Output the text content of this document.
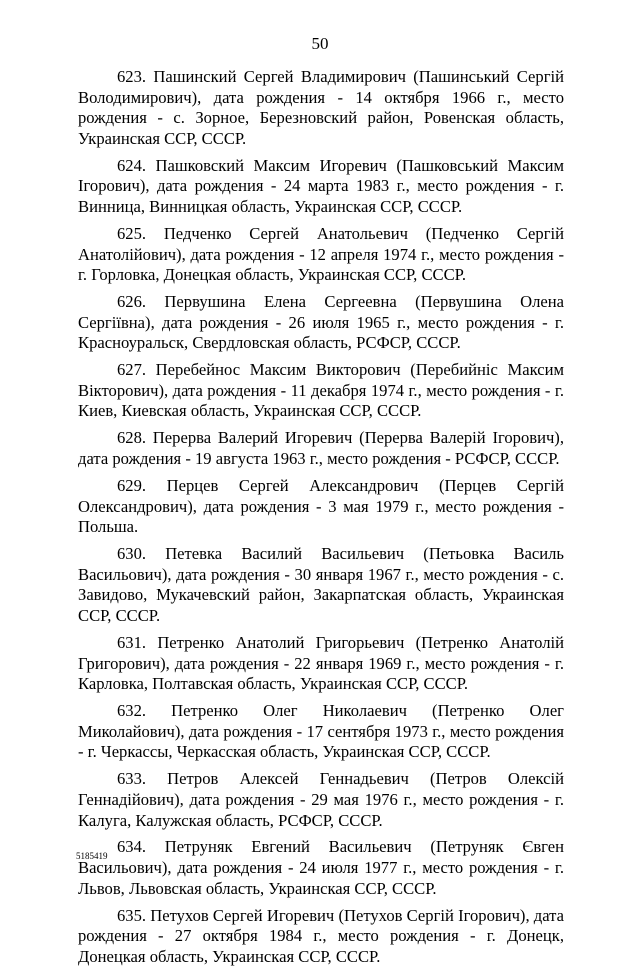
50

623. Пашинский Сергей Владимирович (Пашинський Сергій Володимирович), дата рождения - 14 октября 1966 г., место рождения - с. Зорное, Березновский район, Ровенская область, Украинская ССР, СССР.

624. Пашковский Максим Игоревич (Пашковський Максим Ігорович), дата рождения - 24 марта 1983 г., место рождения - г. Винница, Винницкая область, Украинская ССР, СССР.

625. Педченко Сергей Анатольевич (Педченко Сергій Анатолійович), дата рождения - 12 апреля 1974 г., место рождения - г. Горловка, Донецкая область, Украинская ССР, СССР.

626. Первушина Елена Сергеевна (Первушина Олена Сергіївна), дата рождения - 26 июля 1965 г., место рождения - г. Красноуральск, Свердловская область, РСФСР, СССР.

627. Перебейнос Максим Викторович (Перебийніс Максим Вікторович), дата рождения - 11 декабря 1974 г., место рождения - г. Киев, Киевская область, Украинская ССР, СССР.

628. Перерва Валерий Игоревич (Перерва Валерій Ігорович), дата рождения - 19 августа 1963 г., место рождения - РСФСР, СССР.

629. Перцев Сергей Александрович (Перцев Сергій Олександрович), дата рождения - 3 мая 1979 г., место рождения - Польша.

630. Петевка Василий Васильевич (Петьовка Василь Васильович), дата рождения - 30 января 1967 г., место рождения - с. Завидово, Мукачевский район, Закарпатская область, Украинская ССР, СССР.

631. Петренко Анатолий Григорьевич (Петренко Анатолій Григорович), дата рождения - 22 января 1969 г., место рождения - г. Карловка, Полтавская область, Украинская ССР, СССР.

632. Петренко Олег Николаевич (Петренко Олег Миколайович), дата рождения - 17 сентября 1973 г., место рождения - г. Черкассы, Черкасская область, Украинская ССР, СССР.

633. Петров Алексей Геннадьевич (Петров Олексій Геннадійович), дата рождения - 29 мая 1976 г., место рождения - г. Калуга, Калужская область, РСФСР, СССР.

634. Петруняк Евгений Васильевич (Петруняк Євген Васильович), дата рождения - 24 июля 1977 г., место рождения - г. Львов, Львовская область, Украинская ССР, СССР.

635. Петухов Сергей Игоревич (Петухов Сергій Ігорович), дата рождения - 27 октября 1984 г., место рождения - г. Донецк, Донецкая область, Украинская ССР, СССР.

5185419
